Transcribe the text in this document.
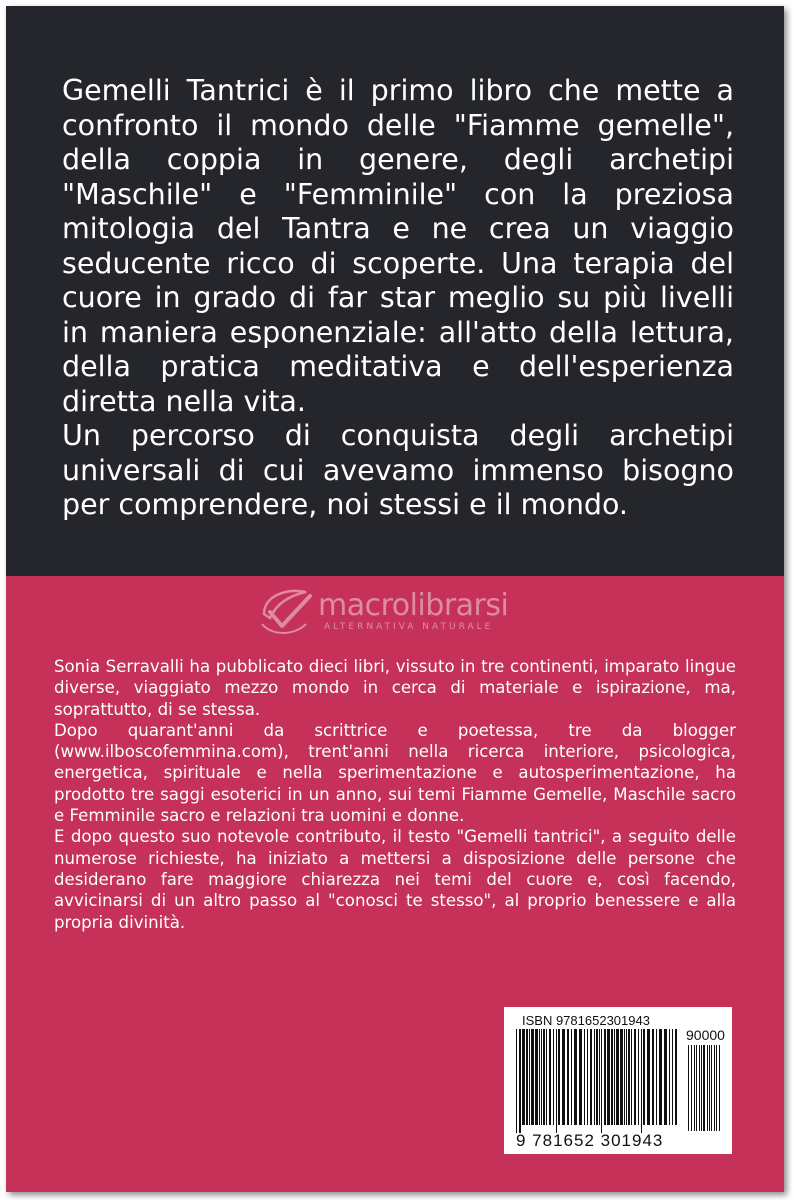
Gemelli Tantrici è il primo libro che mette a confronto il mondo delle "Fiamme gemelle", della coppia in genere, degli archetipi "Maschile" e "Femminile" con la preziosa mitologia del Tantra e ne crea un viaggio seducente ricco di scoperte. Una terapia del cuore in grado di far star meglio su più livelli in maniera esponenziale: all'atto della lettura, della pratica meditativa e dell'esperienza diretta nella vita.

Un percorso di conquista degli archetipi universali di cui avevamo immenso bisogno per comprendere, noi stessi e il mondo.

macrolibrarsi
ALTERNATIVA NATURALE

Sonia Serravalli ha pubblicato dieci libri, vissuto in tre continenti, imparato lingue diverse, viaggiato mezzo mondo in cerca di materiale e ispirazione, ma, soprattutto, di se stessa.

Dopo quarant'anni da scrittrice e poetessa, tre da blogger (www.ilboscofemmina.com), trent'anni nella ricerca interiore, psicologica, energetica, spirituale e nella sperimentazione e autosperimentazione, ha prodotto tre saggi esoterici in un anno, sui temi Fiamme Gemelle, Maschile sacro e Femminile sacro e relazioni tra uomini e donne.

E dopo questo suo notevole contributo, il testo "Gemelli tantrici", a seguito delle numerose richieste, ha iniziato a mettersi a disposizione delle persone che desiderano fare maggiore chiarezza nei temi del cuore e, così facendo, avvicinarsi di un altro passo al "conosci te stesso", al proprio benessere e alla propria divinità.

ISBN 9781652301943
90000
9 781652 301943
